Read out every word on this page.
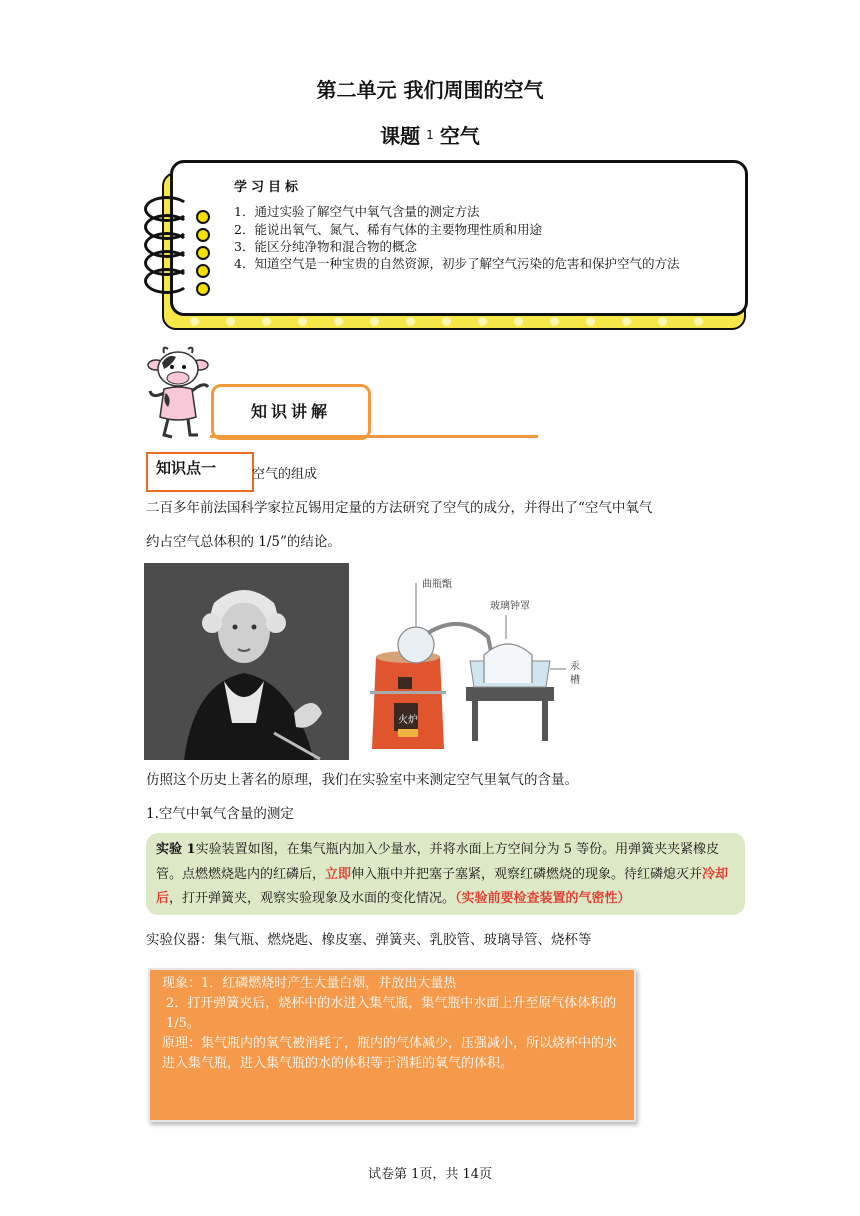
第二单元 我们周围的空气
课题 $^1$ 空气
学习目标
1．通过实验了解空气中氧气含量的测定方法
2．能说出氧气、氮气、稀有气体的主要物理性质和用途
3．能区分纯净物和混合物的概念
4．知道空气是一种宝贵的自然资源，初步了解空气污染的危害和保护空气的方法
知识讲解
知识点一	空气的组成
二百多年前法国科学家拉瓦锡用定量的方法研究了空气的成分，并得出了“空气中氧气
约占空气总体积的 1/5”的结论。
火炉
曲瓶甑
玻璃钟罩
汞
槽
仿照这个历史上著名的原理，我们在实验室中来测定空气里氧气的含量。
1.空气中氧气含量的测定
实验 1实验装置如图，在集气瓶内加入少量水，并将水面上方空间分为 5 等份。用弹簧夹夹紧橡皮管。点燃燃烧匙内的红磷后，立即伸入瓶中并把塞子塞紧，观察红磷燃烧的现象。待红磷熄灭并冷却后，打开弹簧夹，观察实验现象及水面的变化情况。（实验前要检查装置的气密性）
实验仪器：集气瓶、燃烧匙、橡皮塞、弹簧夹、乳胶管、玻璃导管、烧杯等
现象：1．红磷燃烧时产生大量白烟，并放出大量热
2．打开弹簧夹后，烧杯中的水进入集气瓶，集气瓶中水面上升至原气体体积的 1/5。
原理：集气瓶内的氧气被消耗了，瓶内的气体减少，压强减小，所以烧杯中的水进入集气瓶，进入集气瓶的水的体积等于消耗的氧气的体积。
试卷第 1页，共 14页
